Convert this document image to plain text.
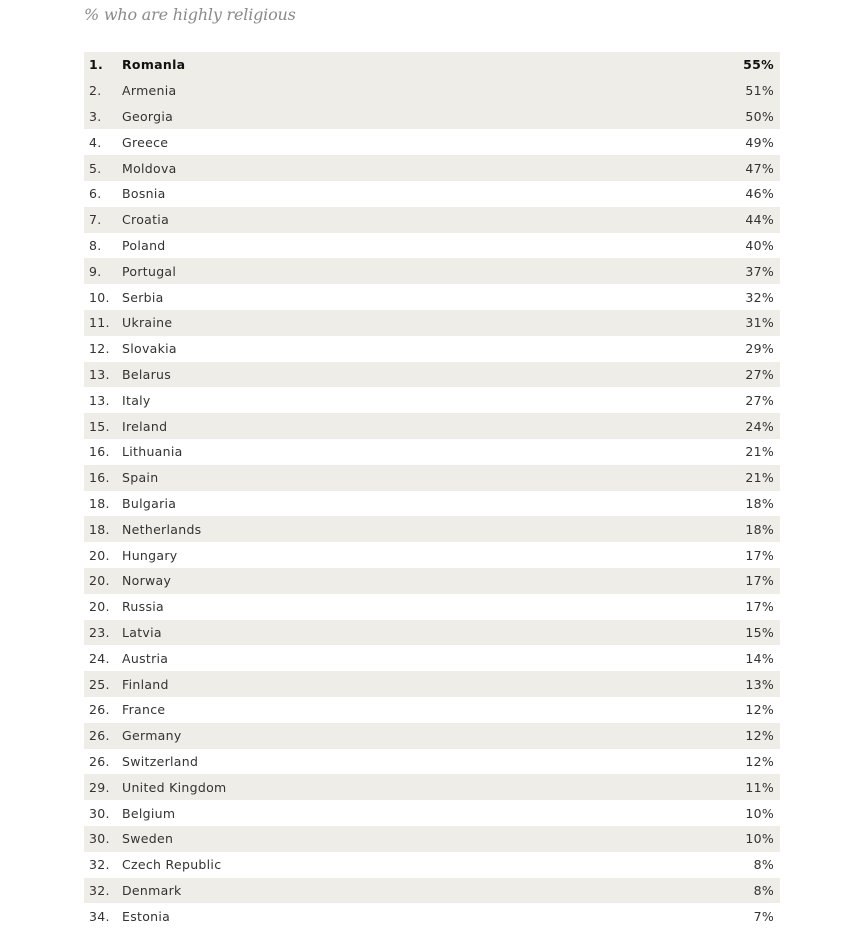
% who are highly religious
1.	Romanla	55%
2.	Armenia	51%
3.	Georgia	50%
4.	Greece	49%
5.	Moldova	47%
6.	Bosnia	46%
7.	Croatia	44%
8.	Poland	40%
9.	Portugal	37%
10. Serbia	32%
11. Ukraine	31%
12. Slovakia	29%
13. Belarus	27%
13. Italy	27%
15. Ireland	24%
16. Lithuania	21%
16. Spain	21%
18. Bulgaria	18%
18. Netherlands	18%
20. Hungary	17%
20. Norway	17%
20. Russia	17%
23. Latvia	15%
24. Austria	14%
25. Finland	13%
26. France	12%
26. Germany	12%
26. Switzerland	12%
29. United Kingdom	11%
30. Belgium	10%
30. Sweden	10%
32. Czech Republic	8%
32. Denmark	8%
34. Estonia	7%
